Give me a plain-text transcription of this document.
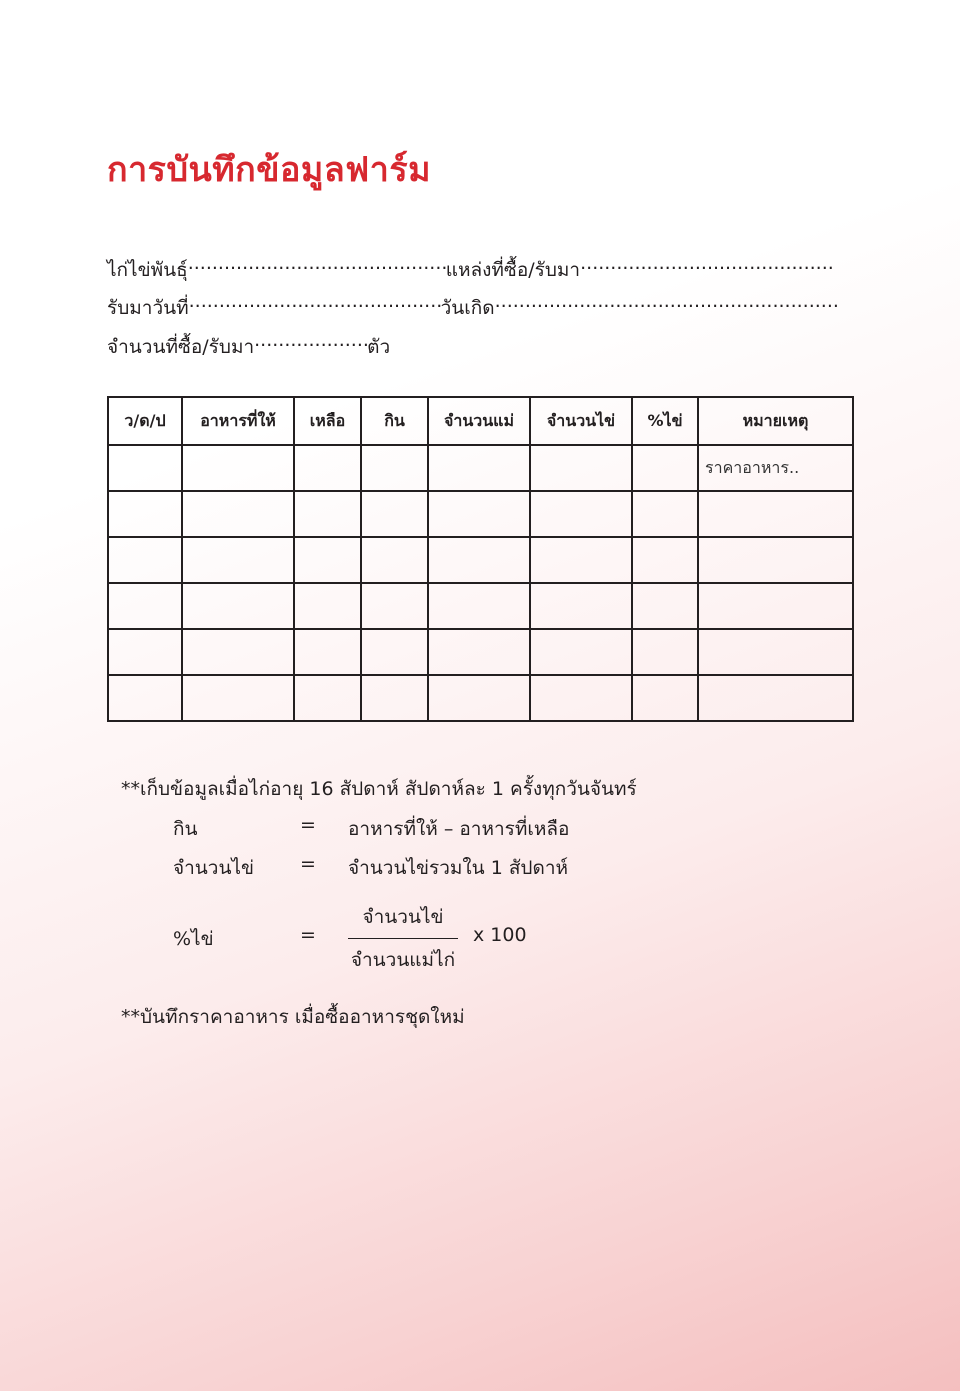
การบันทึกข้อมูลฟาร์ม
ไก่ไข่พันธุ์ .....	แหล่งที่ซื้อ/รับมา.....
รับมาวันที่ .....	วันเกิด.....
จำนวนที่ซื้อ/รับมา .....	ตัว
ว/ด/ป	อาหารที่ให้	เหลือ	กิน	จำนวนแม่	จำนวนไข่	%ไข่	หมายเหตุ
							ราคาอาหาร..

**เก็บข้อมูลเมื่อไก่อายุ 16 สัปดาห์ สัปดาห์ละ 1 ครั้งทุกวันจันทร์
กิน	= อาหารที่ให้ – อาหารที่เหลือ
จำนวนไข่ = จำนวนไข่รวมใน 1 สัปดาห์
%ไข่	=
จำนวนไข่
จำนวนแม่ไก่
x 100
**บันทึกราคาอาหาร เมื่อซื้ออาหารชุดใหม่
